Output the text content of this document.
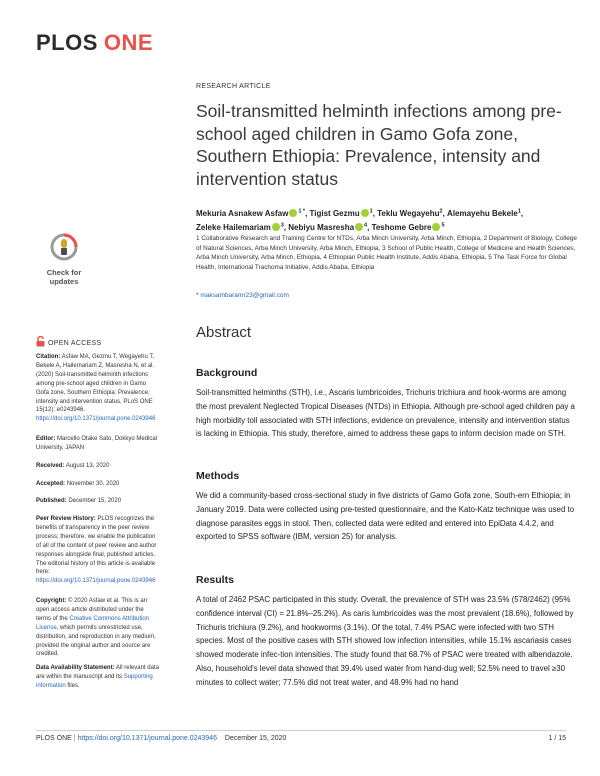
PLOS ONE
RESEARCH ARTICLE
Soil-transmitted helminth infections among pre-school aged children in Gamo Gofa zone, Southern Ethiopia: Prevalence, intensity and intervention status
Mekuria Asnakew Asfaw $^{1 *}$, Tigist Gezmu $^1$, Teklu Wegayehu$^2$, Alemayehu Bekele$^1$, Zeleke Hailemariam $^3$, Nebiyu Masresha $^4$, Teshome Gebre $^5$

1 Collaborative Research and Training Centre for NTDs, Arba Minch University, Arba Minch, Ethiopia, 2 Department of Biology, College of Natural Sciences, Arba Minch University, Arba Minch, Ethiopia, 3 School of Public Health, College of Medicine and Health Sciences, Arba Minch University, Arba Minch, Ethiopia, 4 Ethiopian Public Health Institute, Addis Ababa, Ethiopia, 5 The Task Force for Global Health, International Trachoma Initiative, Addis Ababa, Ethiopia

* maksambaramr23@gmail.com
Abstract
Background

Soil-transmitted helminths (STH), i.e., Ascaris lumbricoides, Trichuris trichiura and hook-worms are among the most prevalent Neglected Tropical Diseases (NTDs) in Ethiopia. Although pre-school aged children pay a high morbidity toll associated with STH infections, evidence on prevalence, intensity and intervention status is lacking in Ethiopia. This study, therefore, aimed to address these gaps to inform decision made on STH.

Methods

We did a community-based cross-sectional study in five districts of Gamo Gofa zone, South-ern Ethiopia; in January 2019. Data were collected using pre-tested questionnaire, and the Kato-Katz technique was used to diagnose parasites eggs in stool. Then, collected data were edited and entered into EpiData 4.4.2, and exported to SPSS software (IBM, version 25) for analysis.

Results

A total of 2462 PSAC participated in this study. Overall, the prevalence of STH was 23.5% (578/2462) (95% confidence interval (CI) = 21.8%–25.2%). As caris lumbricoides was the most prevalent (18.6%), followed by Trichuris trichiura (9.2%), and hookworms (3.1%). Of the total, 7.4% PSAC were infected with two STH species. Most of the positive cases with STH showed low infection intensities, while 15.1% ascariasis cases showed moderate infec-tion intensities. The study found that 68.7% of PSAC were treated with albendazole. Also, household's level data showed that 39.4% used water from hand-dug well; 52.5% need to travel ≥30 minutes to collect water; 77.5% did not treat water, and 48.9% had no hand

Check for
updates
OPEN ACCESS
Citation: Asfaw MA, Gezmu T, Wegayehu T, Bekele A, Hailemariam Z, Masresha N, et al. (2020) Soil-transmitted helminth infections among pre-school aged children in Gamo Gofa zone, Southern Ethiopia: Prevalence, intensity and intervention status. PLoS ONE 15(12): e0243946. https://doi.org/10.1371/journal.pone.0243946
Editor: Marcello Otake Sato, Dokkyo Medical University, JAPAN
Received: August 13, 2020
Accepted: November 30, 2020
Published: December 15, 2020
Peer Review History: PLOS recognizes the benefits of transparency in the peer review process; therefore, we enable the publication of all of the content of peer review and author responses alongside final, published articles. The editorial history of this article is available here: https://doi.org/10.1371/journal.pone.0243946
Copyright: © 2020 Asfaw et al. This is an open access article distributed under the terms of the Creative Commons Attribution License, which permits unrestricted use, distribution, and reproduction in any medium, provided the original author and source are credited.
Data Availability Statement: All relevant data are within the manuscript and its Supporting information files.
PLOS ONE | https://doi.org/10.1371/journal.pone.0243946 December 15, 2020	1 / 15
